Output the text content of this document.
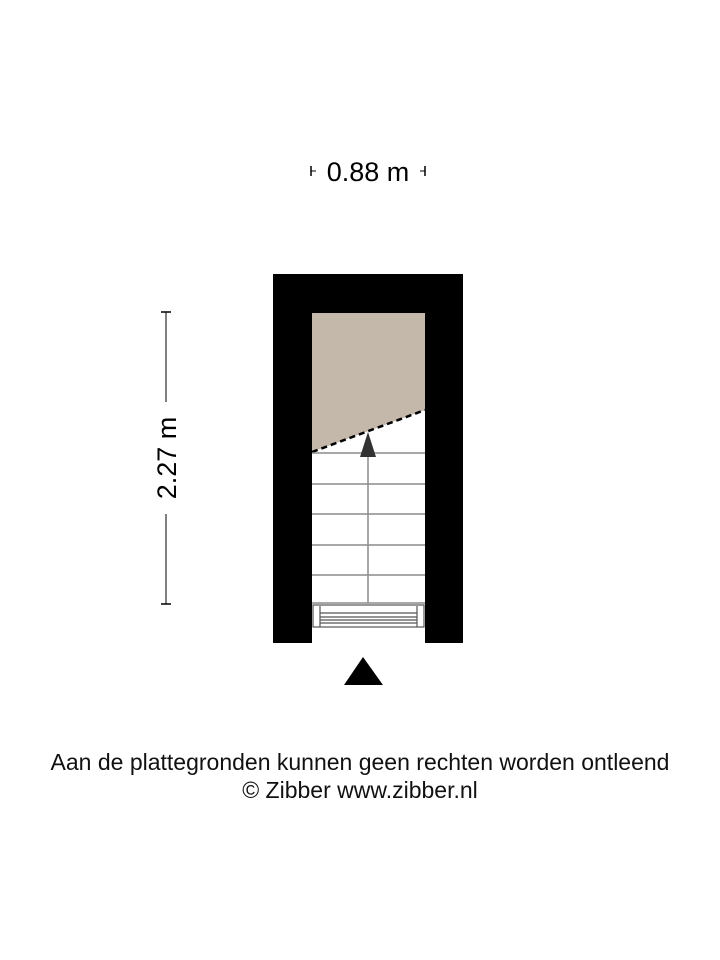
0.88 m
2.27 m
Aan de plattegronden kunnen geen rechten worden ontleend
© Zibber www.zibber.nl
